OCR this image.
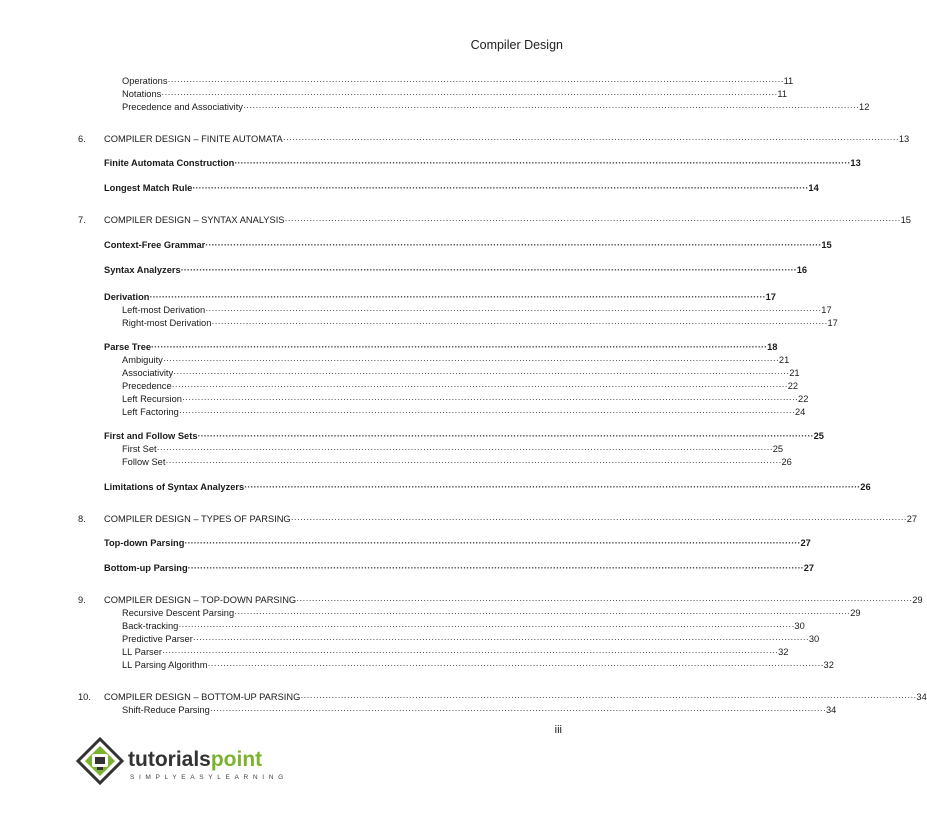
Compiler Design
Operations ·····	11
Notations ·····	11
Precedence and Associativity ·····	12
6. COMPILER DESIGN – FINITE AUTOMATA ·····	13
Finite Automata Construction ·····	13
Longest Match Rule ·····	14
7. COMPILER DESIGN – SYNTAX ANALYSIS ·····	15
Context-Free Grammar ·····	15
Syntax Analyzers ·····	16
Derivation ·····	17
Left-most Derivation ·····	17
Right-most Derivation ·····	17
Parse Tree ·····	18
Ambiguity ·····	21
Associativity ·····	21
Precedence ·····	22
Left Recursion ·····	22
Left Factoring ·····	24
First and Follow Sets ·····	25
First Set ·····	25
Follow Set ·····	26
Limitations of Syntax Analyzers ·····	26
8. COMPILER DESIGN – TYPES OF PARSING ·····	27
Top-down Parsing ·····	27
Bottom-up Parsing ·····	27
9. COMPILER DESIGN – TOP-DOWN PARSING ·····	29
Recursive Descent Parsing ·····	29
Back-tracking ·····	30
Predictive Parser ·····	30
LL Parser ·····	32
LL Parsing Algorithm ·····	32
10. COMPILER DESIGN – BOTTOM-UP PARSING ·····	34
Shift-Reduce Parsing ·····	34
iii
tutorialspoint
SIMPLYEASYLEARNING
